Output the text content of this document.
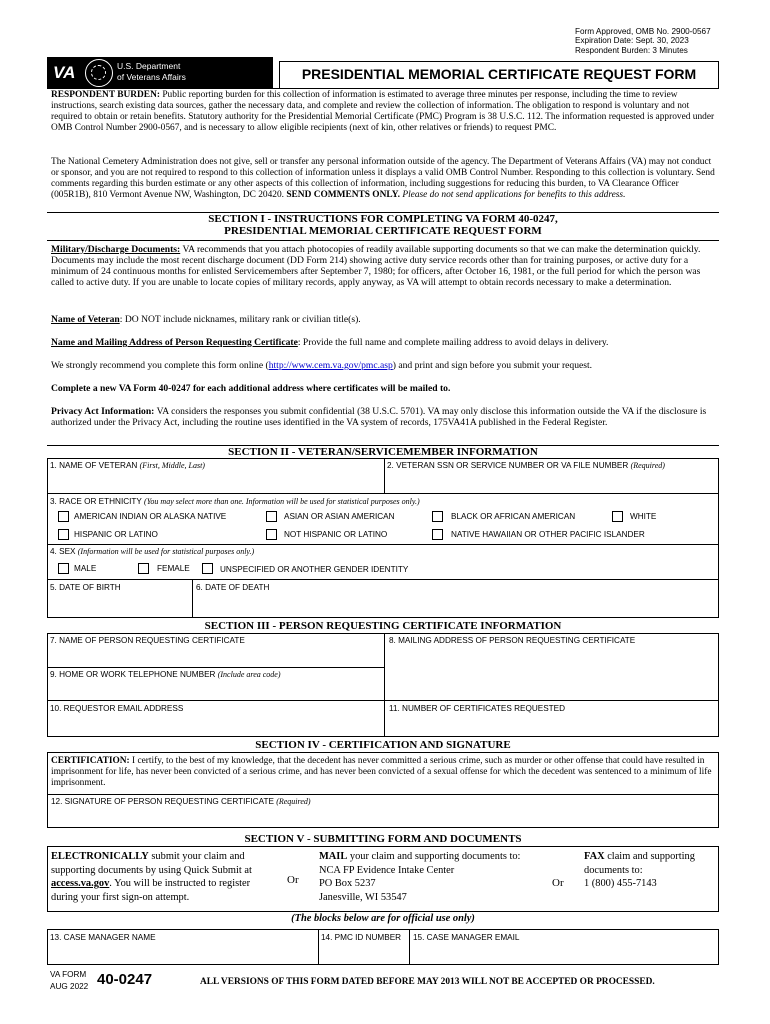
Form Approved, OMB No. 2900-0567
Expiration Date: Sept. 30, 2023
Respondent Burden: 3 Minutes
VA	U.S. Department
of Veterans Affairs	PRESIDENTIAL MEMORIAL CERTIFICATE REQUEST FORM
RESPONDENT BURDEN: Public reporting burden for this collection of information is estimated to average three minutes per response, including the time to review instructions, search existing data sources, gather the necessary data, and complete and review the collection of information. The obligation to respond is voluntary and not required to obtain or retain benefits. Statutory authority for the Presidential Memorial Certificate (PMC) Program is 38 U.S.C. 112. The information requested is approved under OMB Control Number 2900-0567, and is necessary to allow eligible recipients (next of kin, other relatives or friends) to request PMC.
The National Cemetery Administration does not give, sell or transfer any personal information outside of the agency. The Department of Veterans Affairs (VA) may not conduct or sponsor, and you are not required to respond to this collection of information unless it displays a valid OMB Control Number. Responding to this collection is voluntary. Send comments regarding this burden estimate or any other aspects of this collection of information, including suggestions for reducing this burden, to VA Clearance Officer (005R1B), 810 Vermont Avenue NW, Washington, DC 20420. SEND COMMENTS ONLY. Please do not send applications for benefits to this address.
SECTION I - INSTRUCTIONS FOR COMPLETING VA FORM 40-0247,
PRESIDENTIAL MEMORIAL CERTIFICATE REQUEST FORM
Military/Discharge Documents: VA recommends that you attach photocopies of readily available supporting documents so that we can make the determination quickly. Documents may include the most recent discharge document (DD Form 214) showing active duty service records other than for training purposes, or active duty for a minimum of 24 continuous months for enlisted Servicemembers after September 7, 1980; for officers, after October 16, 1981, or the full period for which the person was called to active duty. If you are unable to locate copies of military records, apply anyway, as VA will attempt to obtain records necessary to make a determination.
Name of Veteran: DO NOT include nicknames, military rank or civilian title(s).
Name and Mailing Address of Person Requesting Certificate: Provide the full name and complete mailing address to avoid delays in delivery.
We strongly recommend you complete this form online (http://www.cem.va.gov/pmc.asp) and print and sign before you submit your request.
Complete a new VA Form 40-0247 for each additional address where certificates will be mailed to.
Privacy Act Information: VA considers the responses you submit confidential (38 U.S.C. 5701). VA may only disclose this information outside the VA if the disclosure is authorized under the Privacy Act, including the routine uses identified in the VA system of records, 175VA41A published in the Federal Register.
SECTION II - VETERAN/SERVICEMEMBER INFORMATION
1. NAME OF VETERAN (First, Middle, Last)	2. VETERAN SSN OR SERVICE NUMBER OR VA FILE NUMBER (Required)
3. RACE OR ETHNICITY (You may select more than one. Information will be used for statistical purposes only.)
AMERICAN INDIAN OR ALASKA NATIVE	ASIAN OR ASIAN AMERICAN	BLACK OR AFRICAN AMERICAN	WHITE
HISPANIC OR LATINO	NOT HISPANIC OR LATINO	NATIVE HAWAIIAN OR OTHER PACIFIC ISLANDER
4. SEX (Information will be used for statistical purposes only.)
MALE	FEMALE	UNSPECIFIED OR ANOTHER GENDER IDENTITY
5. DATE OF BIRTH	6. DATE OF DEATH
SECTION III - PERSON REQUESTING CERTIFICATE INFORMATION
7. NAME OF PERSON REQUESTING CERTIFICATE	8. MAILING ADDRESS OF PERSON REQUESTING CERTIFICATE
9. HOME OR WORK TELEPHONE NUMBER (Include area code)
10. REQUESTOR EMAIL ADDRESS	11. NUMBER OF CERTIFICATES REQUESTED
SECTION IV - CERTIFICATION AND SIGNATURE
CERTIFICATION: I certify, to the best of my knowledge, that the decedent has never committed a serious crime, such as murder or other offense that could have resulted in imprisonment for life, has never been convicted of a serious crime, and has never been convicted of a sexual offense for which the decedent was sentenced to a minimum of life imprisonment.
12. SIGNATURE OF PERSON REQUESTING CERTIFICATE (Required)
SECTION V - SUBMITTING FORM AND DOCUMENTS
ELECTRONICALLY submit your claim and supporting documents by using Quick Submit at access.va.gov. You will be instructed to register during your first sign-on attempt.
Or
MAIL your claim and supporting documents to:
NCA FP Evidence Intake Center
PO Box 5237
Janesville, WI 53547
Or
FAX claim and supporting documents to:
1 (800) 455-7143
(The blocks below are for official use only)
13. CASE MANAGER NAME	14. PMC ID NUMBER 15. CASE MANAGER EMAIL
VA FORM
AUG 2022 40-0247	ALL VERSIONS OF THIS FORM DATED BEFORE MAY 2013 WILL NOT BE ACCEPTED OR PROCESSED.
